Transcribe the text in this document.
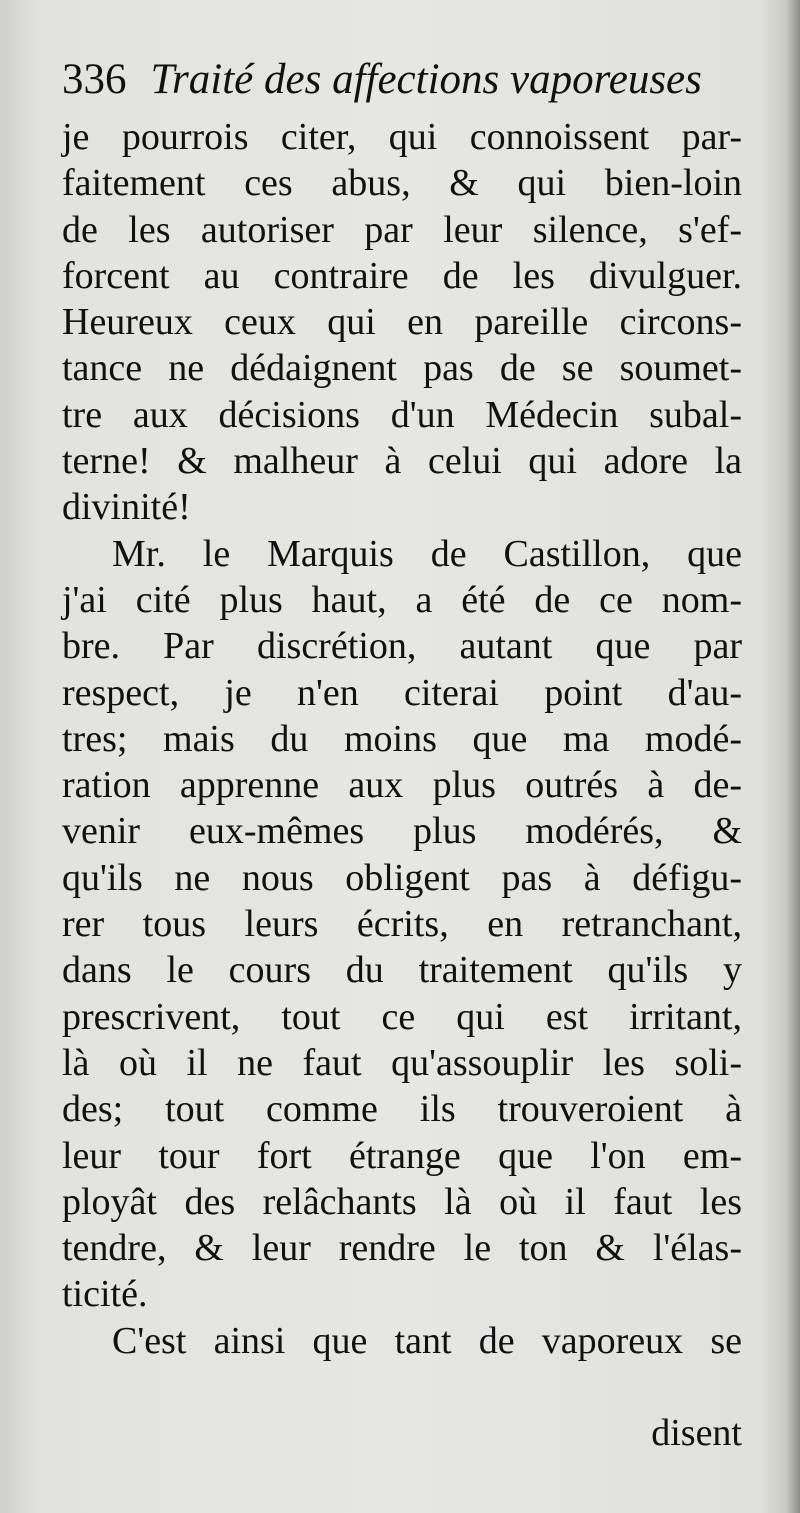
336 Traité des affections vaporeuses
je pourrois citer, qui connoissent par-
faitement ces abus, & qui bien-loin
de les autoriser par leur silence, s'ef-
forcent au contraire de les divulguer.
Heureux ceux qui en pareille circons-
tance ne dédaignent pas de se soumet-
tre aux décisions d'un Médecin subal-
terne! & malheur à celui qui adore la
divinité!
Mr. le Marquis de Castillon, que
j'ai cité plus haut, a été de ce nom-
bre. Par discrétion, autant que par
respect, je n'en citerai point d'au-
tres; mais du moins que ma modé-
ration apprenne aux plus outrés à de-
venir eux-mêmes plus modérés, &
qu'ils ne nous obligent pas à défigu-
rer tous leurs écrits, en retranchant,
dans le cours du traitement qu'ils y
prescrivent, tout ce qui est irritant,
là où il ne faut qu'assouplir les soli-
des; tout comme ils trouveroient à
leur tour fort étrange que l'on em-
ployât des relâchants là où il faut les
tendre, & leur rendre le ton & l'élas-
ticité.
C'est ainsi que tant de vaporeux se
disent
